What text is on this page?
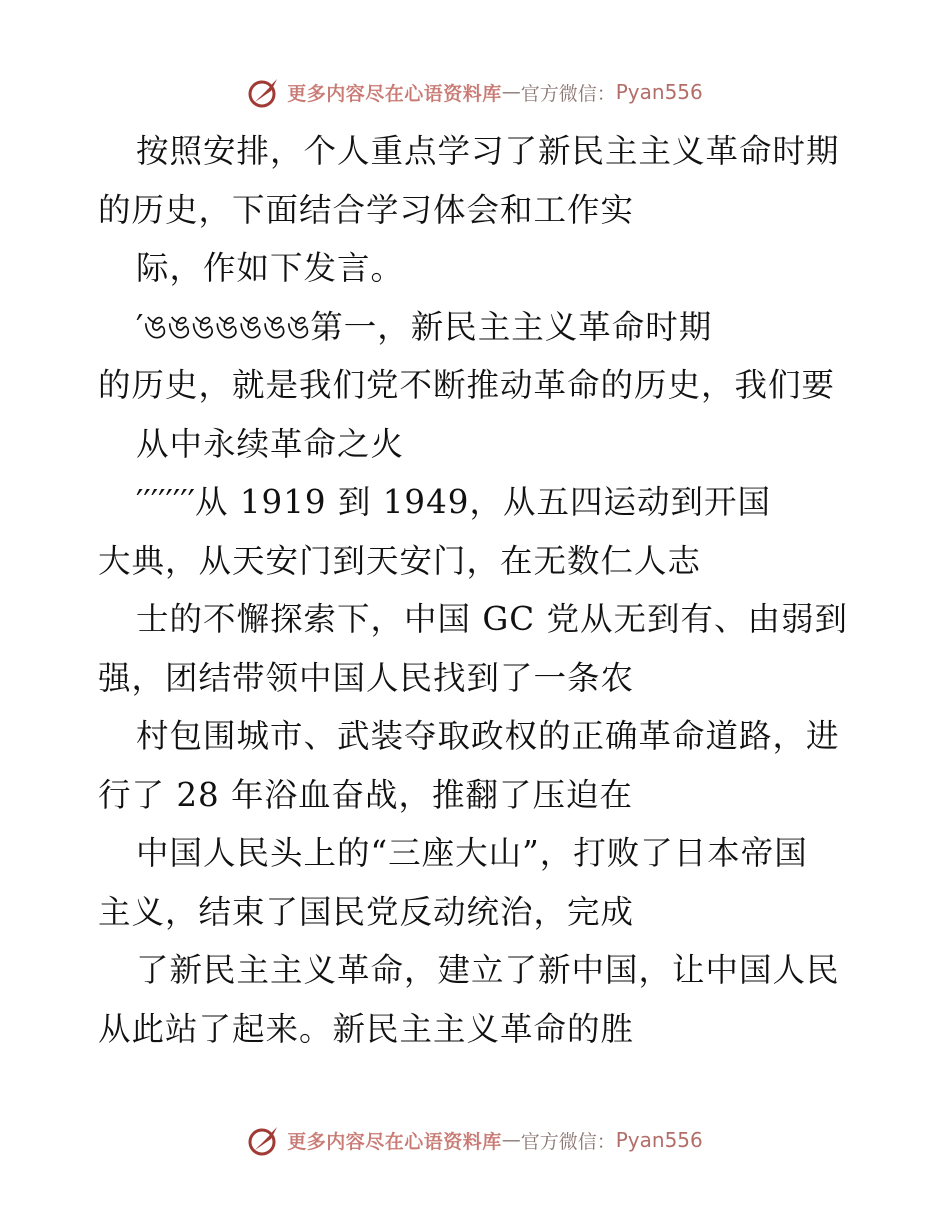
更多内容尽在心语资料库 — 官方微信： Pyan556
按照安排，个人重点学习了新民主主义革命时期
的历史，下面结合学习体会和工作实
际，作如下发言。
′ঙঙঙঙঙঙঙ第一，新民主主义革命时期
的历史，就是我们党不断推动革命的历史，我们要
从中永续革命之火
′′′′′′′′从 1919 到 1949，从五四运动到开国
大典，从天安门到天安门，在无数仁人志
士的不懈探索下，中国 GC 党从无到有、由弱到
强，团结带领中国人民找到了一条农
村包围城市、武装夺取政权的正确革命道路，进
行了 28 年浴血奋战，推翻了压迫在
中国人民头上的“三座大山”，打败了日本帝国
主义，结束了国民党反动统治，完成
了新民主主义革命，建立了新中国，让中国人民
从此站了起来。新民主主义革命的胜
更多内容尽在心语资料库 — 官方微信： Pyan556
